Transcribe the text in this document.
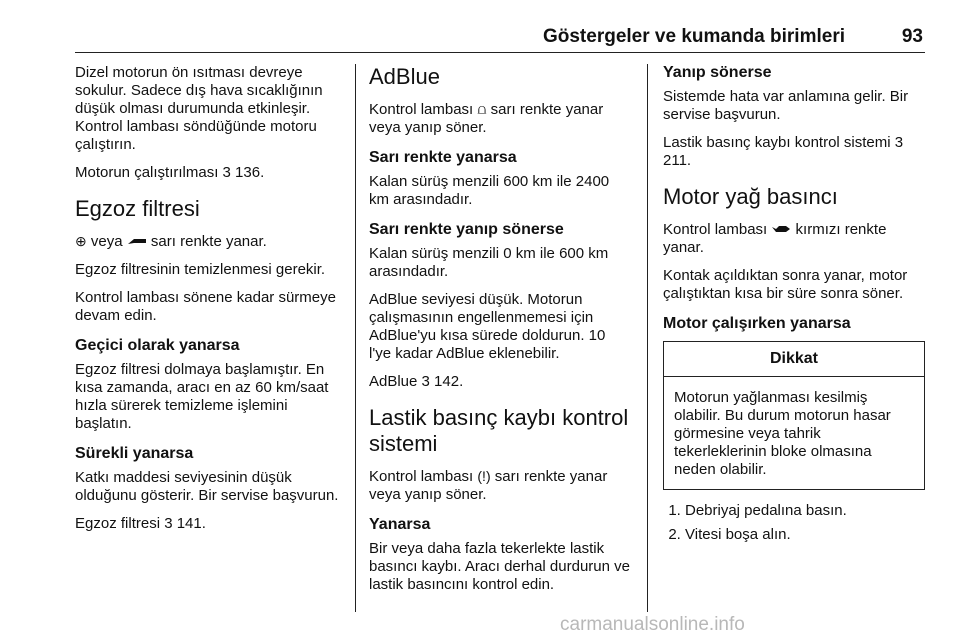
Göstergeler ve kumanda birimleri	93

Dizel motorun ön ısıtması devreye sokulur. Sadece dış hava sıcaklığının düşük olması durumunda etkinleşir. Kontrol lambası söndüğünde motoru çalıştırın.

Motorun çalıştırılması 3 136.

Egzoz filtresi

⊕ veya  sarı renkte yanar.

Egzoz filtresinin temizlenmesi gerekir.

Kontrol lambası sönene kadar sürmeye devam edin.

Geçici olarak yanarsa

Egzoz filtresi dolmaya başlamıştır. En kısa zamanda, aracı en az 60 km/saat hızla sürerek temizleme işlemini başlatın.

Sürekli yanarsa

Katkı maddesi seviyesinin düşük olduğunu gösterir. Bir servise başvurun.

Egzoz filtresi 3 141.

AdBlue

Kontrol lambası ⩍ sarı renkte yanar veya yanıp söner.

Sarı renkte yanarsa

Kalan sürüş menzili 600 km ile 2400 km arasındadır.

Sarı renkte yanıp sönerse

Kalan sürüş menzili 0 km ile 600 km arasındadır.

AdBlue seviyesi düşük. Motorun çalışmasının engellenmemesi için AdBlue'yu kısa sürede doldurun. 10 l'ye kadar AdBlue eklenebilir.

AdBlue 3 142.

Lastik basınç kaybı kontrol sistemi

Kontrol lambası (!) sarı renkte yanar veya yanıp söner.

Yanarsa

Bir veya daha fazla tekerlekte lastik basıncı kaybı. Aracı derhal durdurun ve lastik basıncını kontrol edin.

Yanıp sönerse

Sistemde hata var anlamına gelir. Bir servise başvurun.

Lastik basınç kaybı kontrol sistemi 3 211.

Motor yağ basıncı

Kontrol lambası  kırmızı renkte yanar.

Kontak açıldıktan sonra yanar, motor çalıştıktan kısa bir süre sonra söner.

Motor çalışırken yanarsa
Dikkat
Motorun yağlanması kesilmiş olabilir. Bu durum motorun hasar görmesine veya tahrik tekerleklerinin bloke olmasına neden olabilir.
1. Debriyaj pedalına basın.
2. Vitesi boşa alın.
carmanualsonline.info
